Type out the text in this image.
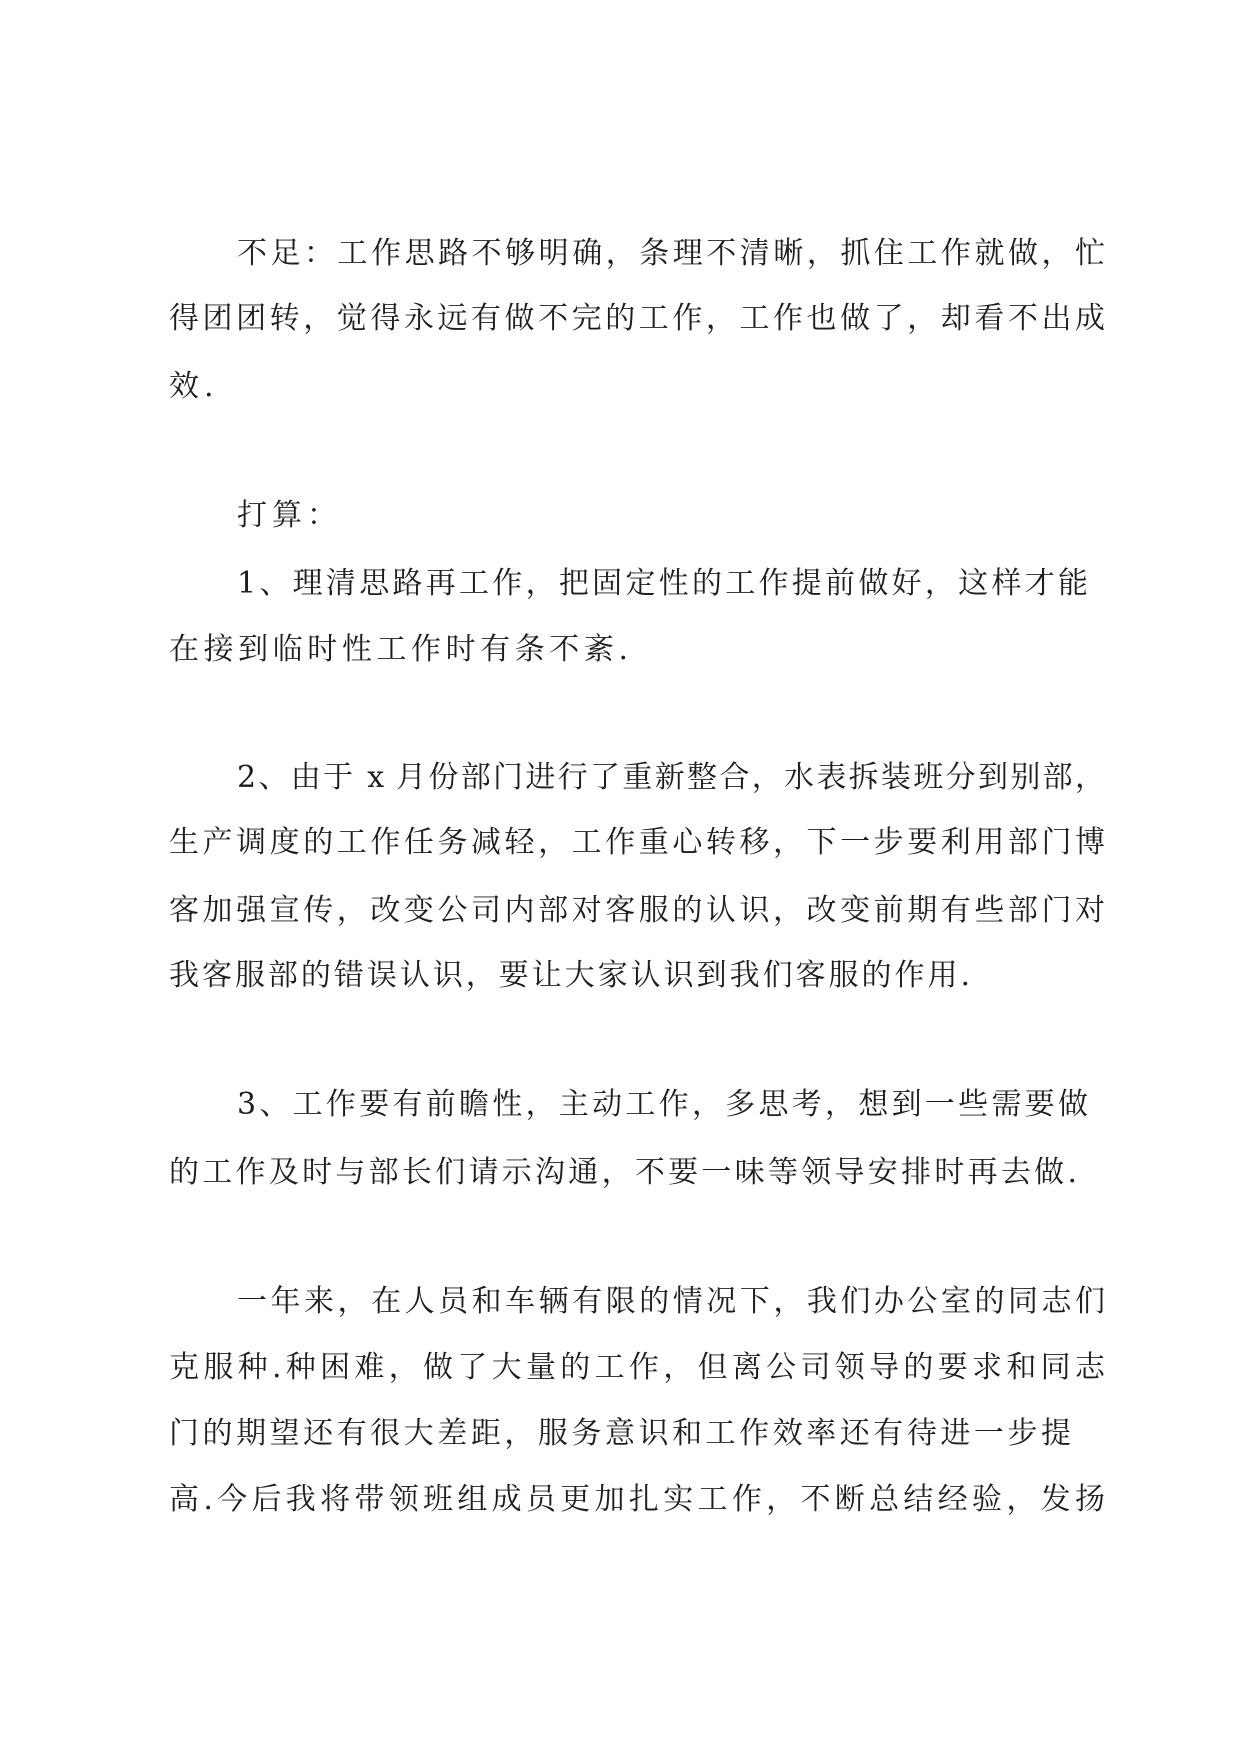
不足：工作思路不够明确，条理不清晰，抓住工作就做，忙
得团团转，觉得永远有做不完的工作，工作也做了，却看不出成
效.
打算：
1、理清思路再工作，把固定性的工作提前做好，这样才能
在接到临时性工作时有条不紊.
2、由于 x 月份部门进行了重新整合，水表拆装班分到别部，
生产调度的工作任务减轻，工作重心转移，下一步要利用部门博
客加强宣传，改变公司内部对客服的认识，改变前期有些部门对
我客服部的错误认识，要让大家认识到我们客服的作用.
3、工作要有前瞻性，主动工作，多思考，想到一些需要做
的工作及时与部长们请示沟通，不要一味等领导安排时再去做.
一年来，在人员和车辆有限的情况下，我们办公室的同志们
克服种.种困难，做了大量的工作，但离公司领导的要求和同志
门的期望还有很大差距，服务意识和工作效率还有待进一步提
高.今后我将带领班组成员更加扎实工作，不断总结经验，发扬
